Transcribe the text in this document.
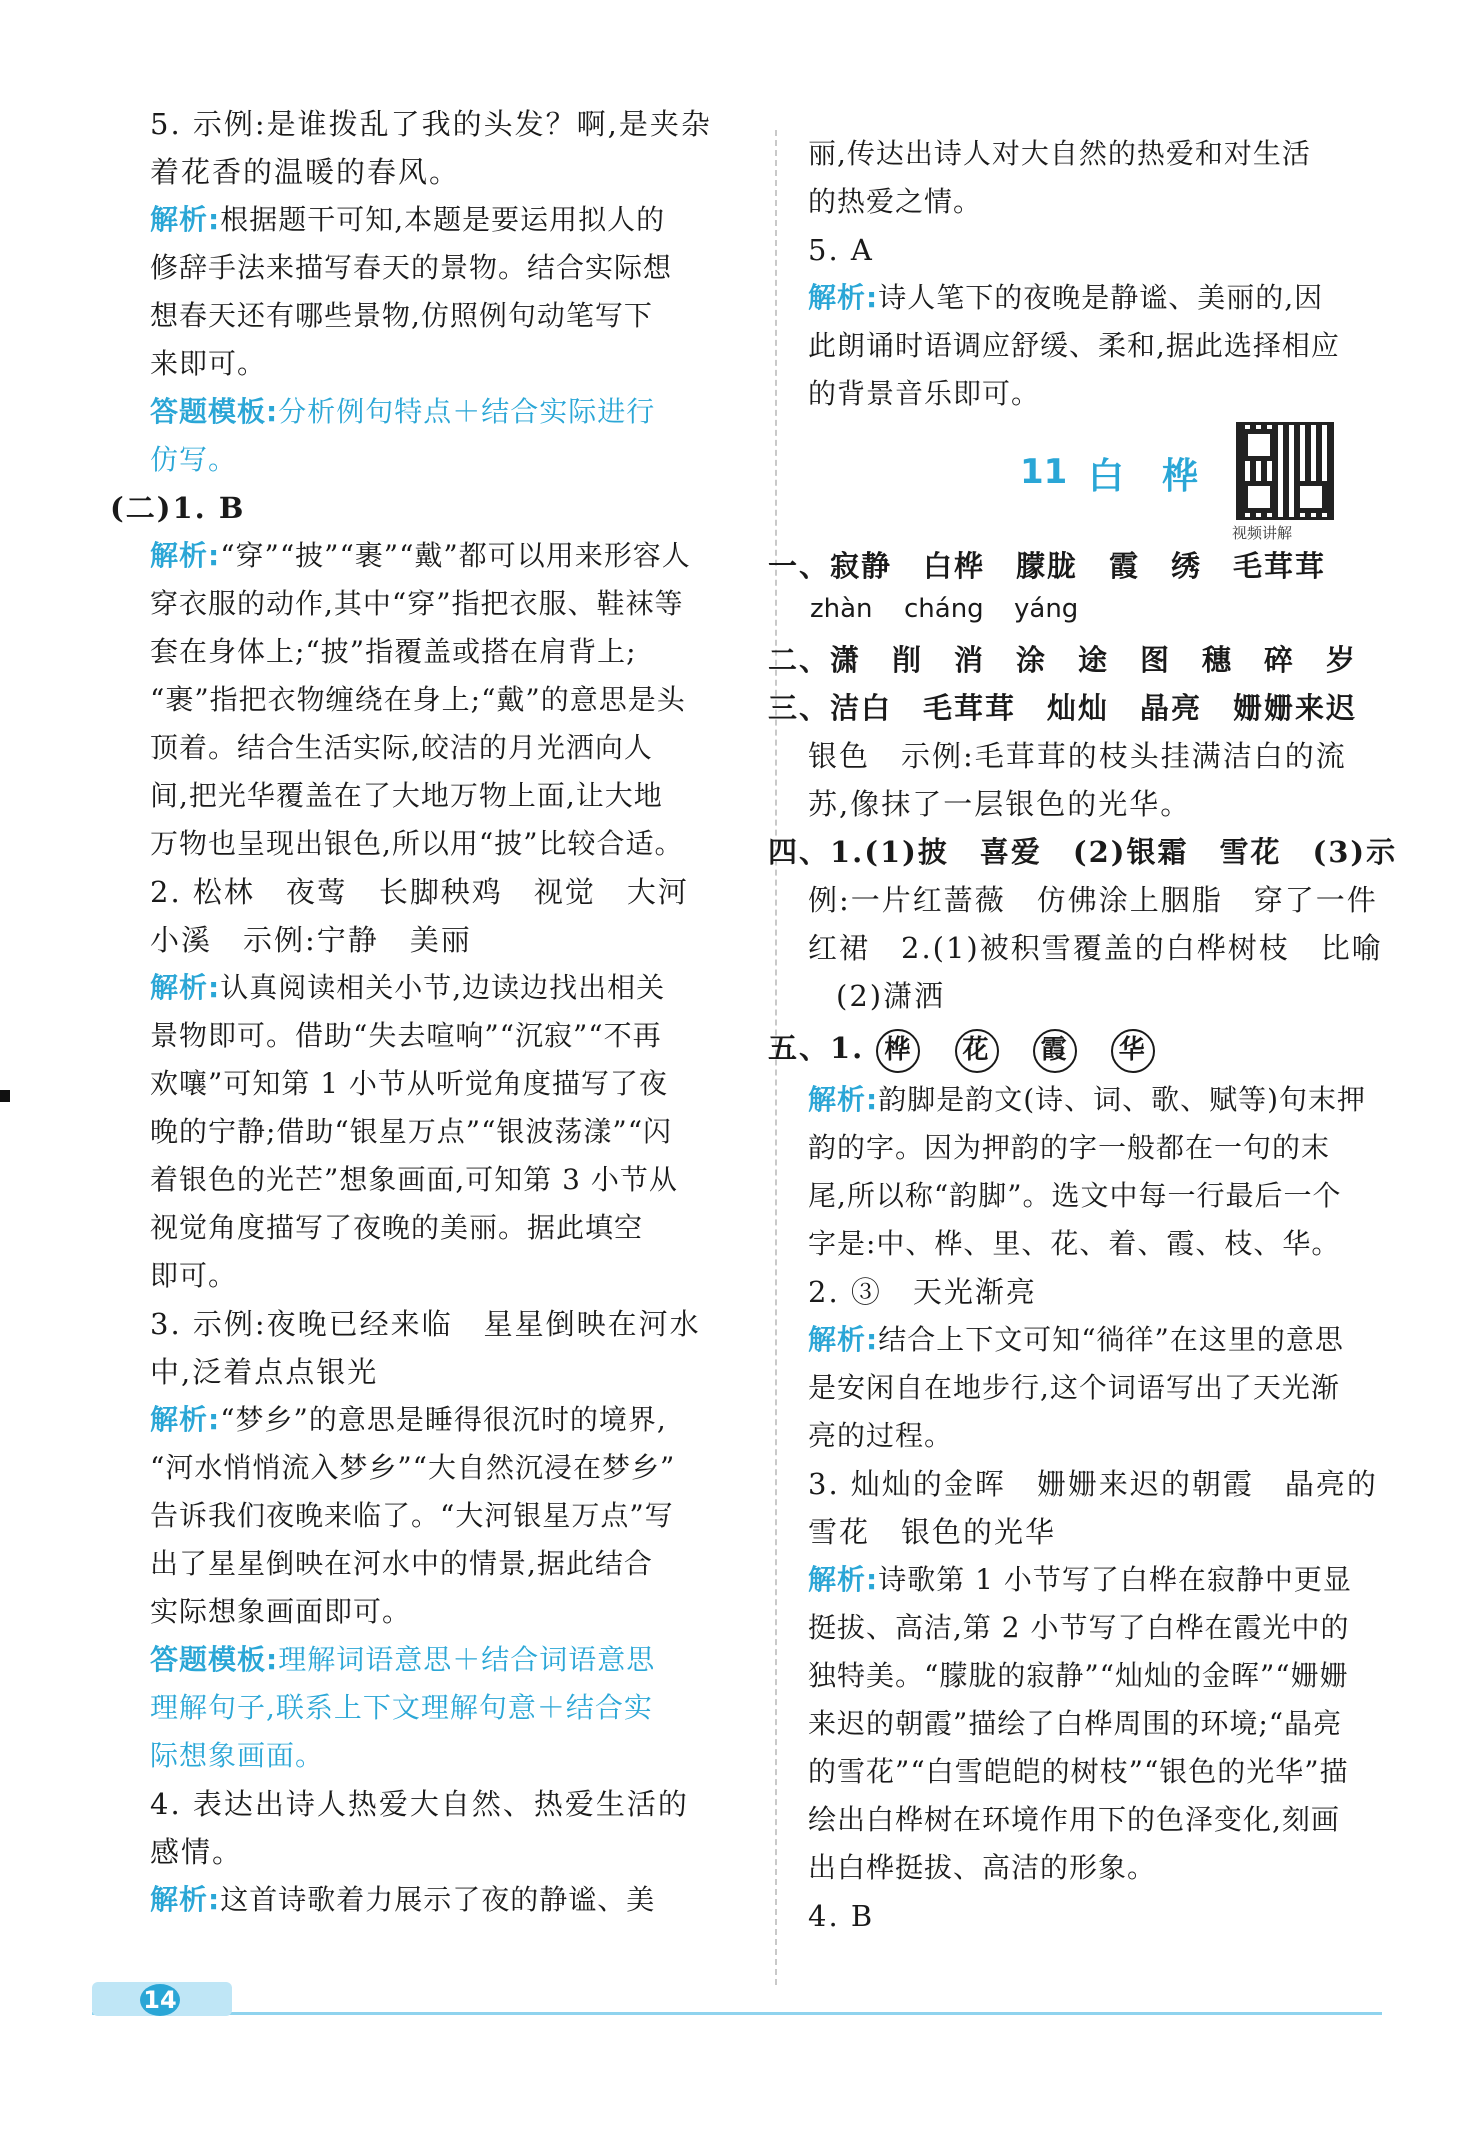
5. 示例:是谁拨乱了我的头发？啊,是夹杂
着花香的温暖的春风。
解析:根据题干可知,本题是要运用拟人的
修辞手法来描写春天的景物。结合实际想
想春天还有哪些景物,仿照例句动笔写下
来即可。
答题模板:分析例句特点＋结合实际进行
仿写。
(二)1. B
解析:“穿”“披”“裹”“戴”都可以用来形容人
穿衣服的动作,其中“穿”指把衣服、鞋袜等
套在身体上;“披”指覆盖或搭在肩背上;
“裹”指把衣物缠绕在身上;“戴”的意思是头
顶着。结合生活实际,皎洁的月光洒向人
间,把光华覆盖在了大地万物上面,让大地
万物也呈现出银色,所以用“披”比较合适。
2. 松林　夜莺　长脚秧鸡　视觉　大河
小溪　示例:宁静　美丽
解析:认真阅读相关小节,边读边找出相关
景物即可。借助“失去喧响”“沉寂”“不再
欢嚷”可知第 1 小节从听觉角度描写了夜
晚的宁静;借助“银星万点”“银波荡漾”“闪
着银色的光芒”想象画面,可知第 3 小节从
视觉角度描写了夜晚的美丽。据此填空
即可。
3. 示例:夜晚已经来临　星星倒映在河水
中,泛着点点银光
解析:“梦乡”的意思是睡得很沉时的境界,
“河水悄悄流入梦乡”“大自然沉浸在梦乡”
告诉我们夜晚来临了。“大河银星万点”写
出了星星倒映在河水中的情景,据此结合
实际想象画面即可。
答题模板:理解词语意思＋结合词语意思
理解句子,联系上下文理解句意＋结合实
际想象画面。
4. 表达出诗人热爱大自然、热爱生活的
感情。
解析:这首诗歌着力展示了夜的静谧、美
丽,传达出诗人对大自然的热爱和对生活
的热爱之情。
5. A
解析:诗人笔下的夜晚是静谧、美丽的,因
此朗诵时语调应舒缓、柔和,据此选择相应
的背景音乐即可。
11 白桦
视频讲解
一、寂静　白桦　朦胧　霞　绣　毛茸茸
zhàn cháng yáng
二、潇　削　消　涂　途　图　穗　碎　岁
三、洁白　毛茸茸　灿灿　晶亮　姗姗来迟
银色　示例:毛茸茸的枝头挂满洁白的流
苏,像抹了一层银色的光华。
四、1.(1)披　喜爱　(2)银霜　雪花　(3)示
例:一片红蔷薇　仿佛涂上胭脂　穿了一件
红裙　2.(1)被积雪覆盖的白桦树枝　比喻
(2)潇洒
五、1. 桦 花 霞 华
解析:韵脚是韵文(诗、词、歌、赋等)句末押
韵的字。因为押韵的字一般都在一句的末
尾,所以称“韵脚”。选文中每一行最后一个
字是:中、桦、里、花、着、霞、枝、华。
2. ③　天光渐亮
解析:结合上下文可知“徜徉”在这里的意思
是安闲自在地步行,这个词语写出了天光渐
亮的过程。
3. 灿灿的金晖　姗姗来迟的朝霞　晶亮的
雪花　银色的光华
解析:诗歌第 1 小节写了白桦在寂静中更显
挺拔、高洁,第 2 小节写了白桦在霞光中的
独特美。“朦胧的寂静”“灿灿的金晖”“姗姗
来迟的朝霞”描绘了白桦周围的环境;“晶亮
的雪花”“白雪皑皑的树枝”“银色的光华”描
绘出白桦树在环境作用下的色泽变化,刻画
出白桦挺拔、高洁的形象。
4. B
14
